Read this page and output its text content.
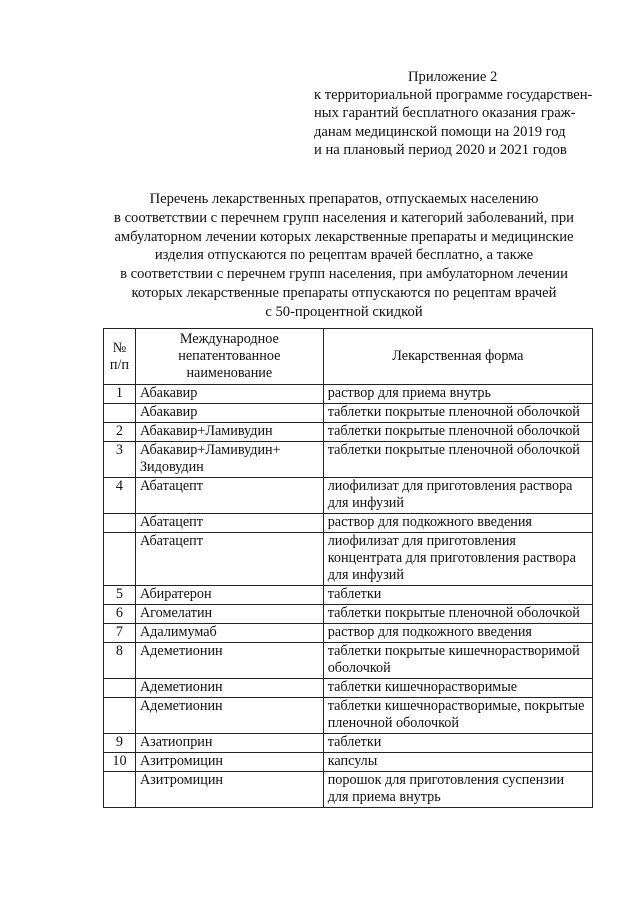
Приложение 2
к территориальной программе государствен-
ных гарантий бесплатного оказания граж-
данам медицинской помощи на 2019 год
и на плановый период 2020 и 2021 годов
Перечень лекарственных препаратов, отпускаемых населению
в соответствии с перечнем групп населения и категорий заболеваний, при
амбулаторном лечении которых лекарственные препараты и медицинские
изделия отпускаются по рецептам врачей бесплатно, а также
в соответствии с перечнем групп населения, при амбулаторном лечении
которых лекарственные препараты отпускаются по рецептам врачей
с 50-процентной скидкой
№ п/п	Международное непатентованное наименование	Лекарственная форма
1	Абакавир	раствор для приема внутрь
	Абакавир	таблетки покрытые пленочной оболочкой
2	Абакавир+Ламивудин	таблетки покрытые пленочной оболочкой
3	Абакавир+Ламивудин+ Зидовудин	таблетки покрытые пленочной оболочкой
4	Абатацепт	лиофилизат для приготовления раствора для инфузий
	Абатацепт	раствор для подкожного введения
	Абатацепт	лиофилизат для приготовления концентрата для приготовления раствора для инфузий
5	Абиратерон	таблетки
6	Агомелатин	таблетки покрытые пленочной оболочкой
7	Адалимумаб	раствор для подкожного введения
8	Адеметионин	таблетки покрытые кишечнорастворимой оболочкой
	Адеметионин	таблетки кишечнорастворимые
	Адеметионин	таблетки кишечнорастворимые, покрытые пленочной оболочкой
9	Азатиоприн	таблетки
10	Азитромицин	капсулы
	Азитромицин	порошок для приготовления суспензии для приема внутрь
